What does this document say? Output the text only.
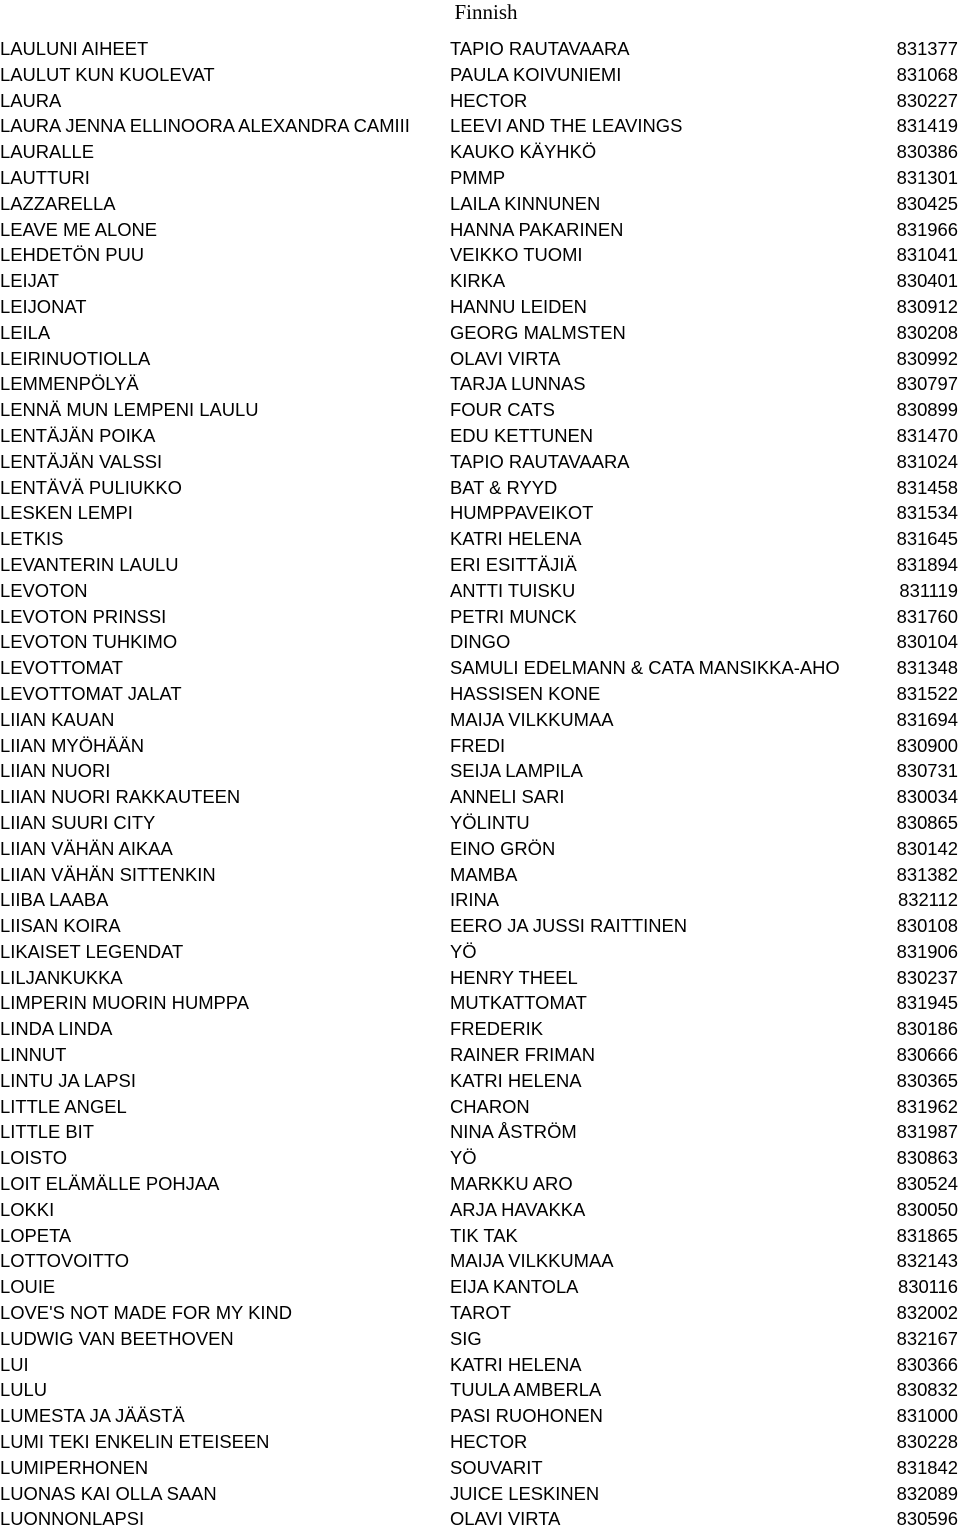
Finnish
LAULUNI AIHEET	TAPIO RAUTAVAARA	831377
LAULUT KUN KUOLEVAT	PAULA KOIVUNIEMI	831068
LAURA	HECTOR	830227
LAURA JENNA ELLINOORA ALEXANDRA CAMIII	LEEVI AND THE LEAVINGS	831419
LAURALLE	KAUKO KÄYHKÖ	830386
LAUTTURI	PMMP	831301
LAZZARELLA	LAILA KINNUNEN	830425
LEAVE ME ALONE	HANNA PAKARINEN	831966
LEHDETÖN PUU	VEIKKO TUOMI	831041
LEIJAT	KIRKA	830401
LEIJONAT	HANNU LEIDEN	830912
LEILA	GEORG MALMSTEN	830208
LEIRINUOTIOLLA	OLAVI VIRTA	830992
LEMMENPÖLYÄ	TARJA LUNNAS	830797
LENNÄ MUN LEMPENI LAULU	FOUR CATS	830899
LENTÄJÄN POIKA	EDU KETTUNEN	831470
LENTÄJÄN VALSSI	TAPIO RAUTAVAARA	831024
LENTÄVÄ PULIUKKO	BAT & RYYD	831458
LESKEN LEMPI	HUMPPAVEIKOT	831534
LETKIS	KATRI HELENA	831645
LEVANTERIN LAULU	ERI ESITTÄJIÄ	831894
LEVOTON	ANTTI TUISKU	831119
LEVOTON PRINSSI	PETRI MUNCK	831760
LEVOTON TUHKIMO	DINGO	830104
LEVOTTOMAT	SAMULI EDELMANN & CATA MANSIKKA-AHO	831348
LEVOTTOMAT JALAT	HASSISEN KONE	831522
LIIAN KAUAN	MAIJA VILKKUMAA	831694
LIIAN MYÖHÄÄN	FREDI	830900
LIIAN NUORI	SEIJA LAMPILA	830731
LIIAN NUORI RAKKAUTEEN	ANNELI SARI	830034
LIIAN SUURI CITY	YÖLINTU	830865
LIIAN VÄHÄN AIKAA	EINO GRÖN	830142
LIIAN VÄHÄN SITTENKIN	MAMBA	831382
LIIBA LAABA	IRINA	832112
LIISAN KOIRA	EERO JA JUSSI RAITTINEN	830108
LIKAISET LEGENDAT	YÖ	831906
LILJANKUKKA	HENRY THEEL	830237
LIMPERIN MUORIN HUMPPA	MUTKATTOMAT	831945
LINDA LINDA	FREDERIK	830186
LINNUT	RAINER FRIMAN	830666
LINTU JA LAPSI	KATRI HELENA	830365
LITTLE ANGEL	CHARON	831962
LITTLE BIT	NINA ÅSTRÖM	831987
LOISTO	YÖ	830863
LOIT ELÄMÄLLE POHJAA	MARKKU ARO	830524
LOKKI	ARJA HAVAKKA	830050
LOPETA	TIK TAK	831865
LOTTOVOITTO	MAIJA VILKKUMAA	832143
LOUIE	EIJA KANTOLA	830116
LOVE'S NOT MADE FOR MY KIND	TAROT	832002
LUDWIG VAN BEETHOVEN	SIG	832167
LUI	KATRI HELENA	830366
LULU	TUULA AMBERLA	830832
LUMESTA JA JÄÄSTÄ	PASI RUOHONEN	831000
LUMI TEKI ENKELIN ETEISEEN	HECTOR	830228
LUMIPERHONEN	SOUVARIT	831842
LUONAS KAI OLLA SAAN	JUICE LESKINEN	832089
LUONNONLAPSI	OLAVI VIRTA	830596
